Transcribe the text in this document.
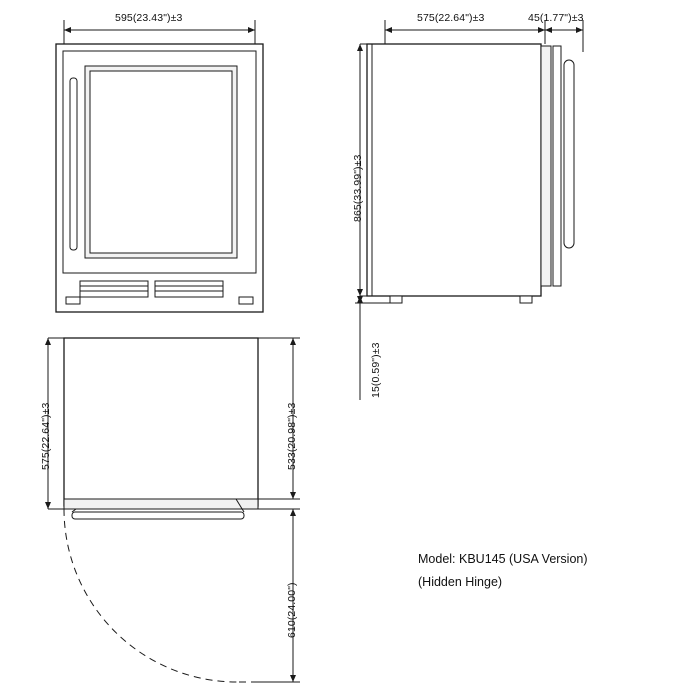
595(23.43")±3	575(22.64")±3	45(1.77")±3
865(33.99")±3
15(0.59")±3
575(22.64")±3	533(20.98")±3
610(24.00")
Model: KBU145 (USA Version)
(Hidden Hinge)
